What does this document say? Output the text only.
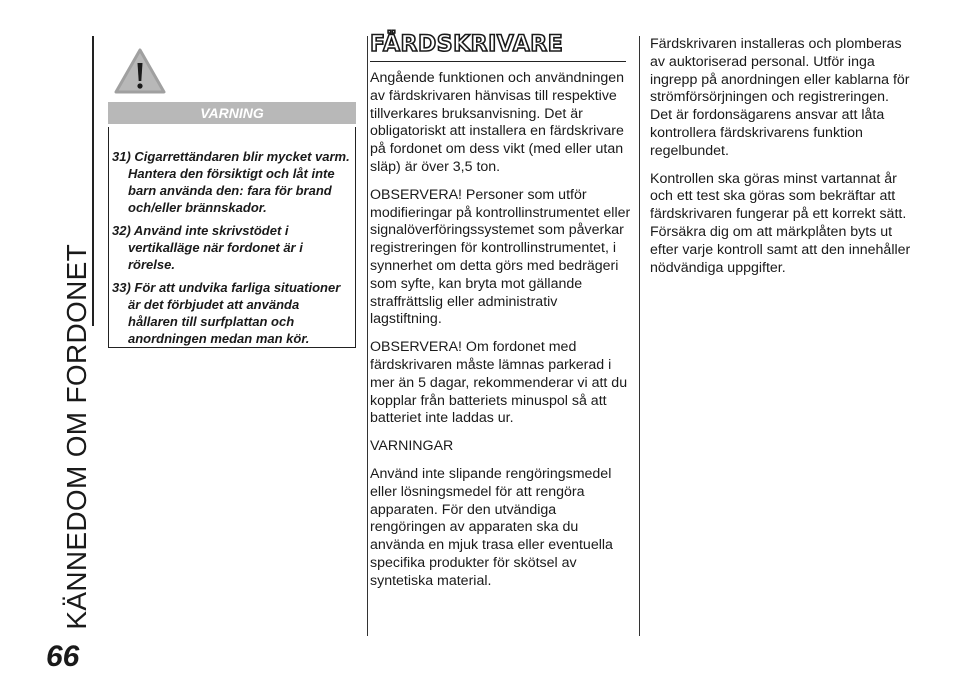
KÄNNEDOM OM FORDONET
66
VARNING
31) Cigarrettändaren blir mycket varm. Hantera den försiktigt och låt inte barn använda den: fara för brand och/eller brännskador.
32) Använd inte skrivstödet i vertikalläge när fordonet är i rörelse.
33) För att undvika farliga situationer är det förbjudet att använda hållaren till surfplattan och anordningen medan man kör.
FÄRDSKRIVARE

Angående funktionen och användningen av färdskrivaren hänvisas till respektive tillverkares bruksanvisning. Det är obligatoriskt att installera en färdskrivare på fordonet om dess vikt (med eller utan släp) är över 3,5 ton.

OBSERVERA! Personer som utför modifieringar på kontrollinstrumentet eller signalöverföringssystemet som påverkar registreringen för kontrollinstrumentet, i synnerhet om detta görs med bedrägeri som syfte, kan bryta mot gällande straffrättslig eller administrativ lagstiftning.

OBSERVERA! Om fordonet med färdskrivaren måste lämnas parkerad i mer än 5 dagar, rekommenderar vi att du kopplar från batteriets minuspol så att batteriet inte laddas ur.

VARNINGAR

Använd inte slipande rengöringsmedel eller lösningsmedel för att rengöra apparaten. För den utvändiga rengöringen av apparaten ska du använda en mjuk trasa eller eventuella specifika produkter för skötsel av syntetiska material.

Färdskrivaren installeras och plomberas av auktoriserad personal. Utför inga ingrepp på anordningen eller kablarna för strömförsörjningen och registreringen. Det är fordonsägarens ansvar att låta kontrollera färdskrivarens funktion regelbundet.

Kontrollen ska göras minst vartannat år och ett test ska göras som bekräftar att färdskrivaren fungerar på ett korrekt sätt. Försäkra dig om att märkplåten byts ut efter varje kontroll samt att den innehåller nödvändiga uppgifter.
